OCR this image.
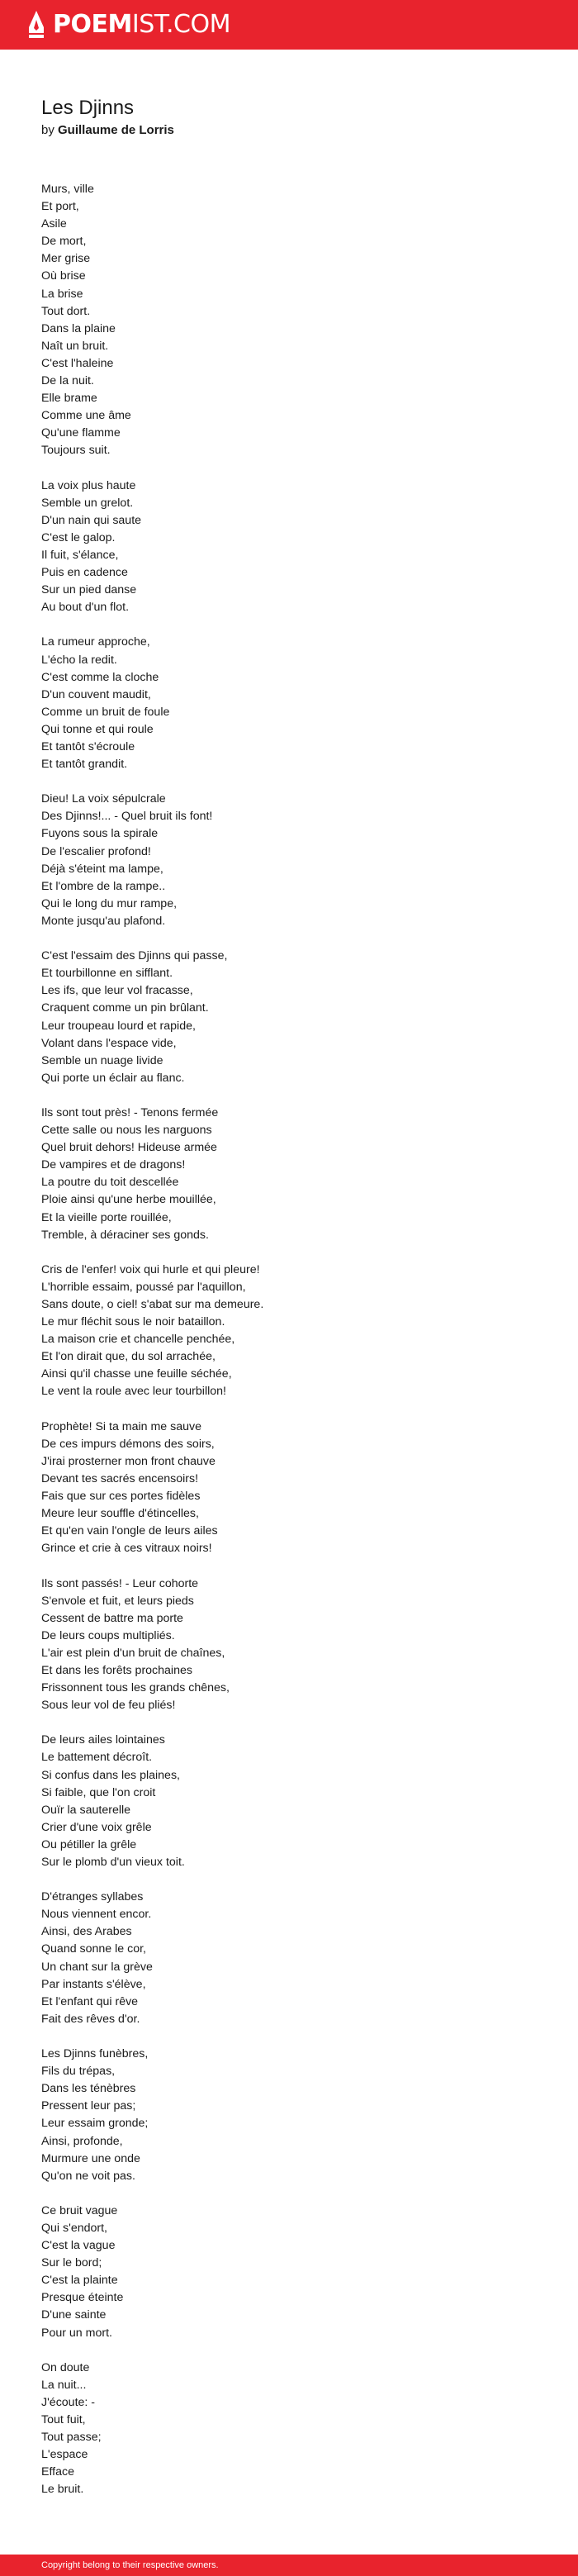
POEMIST.COM
Les Djinns
by Guillaume de Lorris
Murs, ville
Et port,
Asile
De mort,
Mer grise
Où brise
La brise
Tout dort.
Dans la plaine
Naît un bruit.
C'est l'haleine
De la nuit.
Elle brame
Comme une âme
Qu'une flamme
Toujours suit.
La voix plus haute
Semble un grelot.
D'un nain qui saute
C'est le galop.
Il fuit, s'élance,
Puis en cadence
Sur un pied danse
Au bout d'un flot.
La rumeur approche,
L'écho la redit.
C'est comme la cloche
D'un couvent maudit,
Comme un bruit de foule
Qui tonne et qui roule
Et tantôt s'écroule
Et tantôt grandit.
Dieu! La voix sépulcrale
Des Djinns!... - Quel bruit ils font!
Fuyons sous la spirale
De l'escalier profond!
Déjà s'éteint ma lampe,
Et l'ombre de la rampe..
Qui le long du mur rampe,
Monte jusqu'au plafond.
C'est l'essaim des Djinns qui passe,
Et tourbillonne en sifflant.
Les ifs, que leur vol fracasse,
Craquent comme un pin brûlant.
Leur troupeau lourd et rapide,
Volant dans l'espace vide,
Semble un nuage livide
Qui porte un éclair au flanc.
Ils sont tout près! - Tenons fermée
Cette salle ou nous les narguons
Quel bruit dehors! Hideuse armée
De vampires et de dragons!
La poutre du toit descellée
Ploie ainsi qu'une herbe mouillée,
Et la vieille porte rouillée,
Tremble, à déraciner ses gonds.
Cris de l'enfer! voix qui hurle et qui pleure!
L'horrible essaim, poussé par l'aquillon,
Sans doute, o ciel! s'abat sur ma demeure.
Le mur fléchit sous le noir bataillon.
La maison crie et chancelle penchée,
Et l'on dirait que, du sol arrachée,
Ainsi qu'il chasse une feuille séchée,
Le vent la roule avec leur tourbillon!
Prophète! Si ta main me sauve
De ces impurs démons des soirs,
J'irai prosterner mon front chauve
Devant tes sacrés encensoirs!
Fais que sur ces portes fidèles
Meure leur souffle d'étincelles,
Et qu'en vain l'ongle de leurs ailes
Grince et crie à ces vitraux noirs!
Ils sont passés! - Leur cohorte
S'envole et fuit, et leurs pieds
Cessent de battre ma porte
De leurs coups multipliés.
L'air est plein d'un bruit de chaînes,
Et dans les forêts prochaines
Frissonnent tous les grands chênes,
Sous leur vol de feu pliés!
De leurs ailes lointaines
Le battement décroît.
Si confus dans les plaines,
Si faible, que l'on croit
Ouïr la sauterelle
Crier d'une voix grêle
Ou pétiller la grêle
Sur le plomb d'un vieux toit.
D'étranges syllabes
Nous viennent encor.
Ainsi, des Arabes
Quand sonne le cor,
Un chant sur la grève
Par instants s'élève,
Et l'enfant qui rêve
Fait des rêves d'or.
Les Djinns funèbres,
Fils du trépas,
Dans les ténèbres
Pressent leur pas;
Leur essaim gronde;
Ainsi, profonde,
Murmure une onde
Qu'on ne voit pas.
Ce bruit vague
Qui s'endort,
C'est la vague
Sur le bord;
C'est la plainte
Presque éteinte
D'une sainte
Pour un mort.
On doute
La nuit...
J'écoute: -
Tout fuit,
Tout passe;
L'espace
Efface
Le bruit.
Copyright belong to their respective owners.
